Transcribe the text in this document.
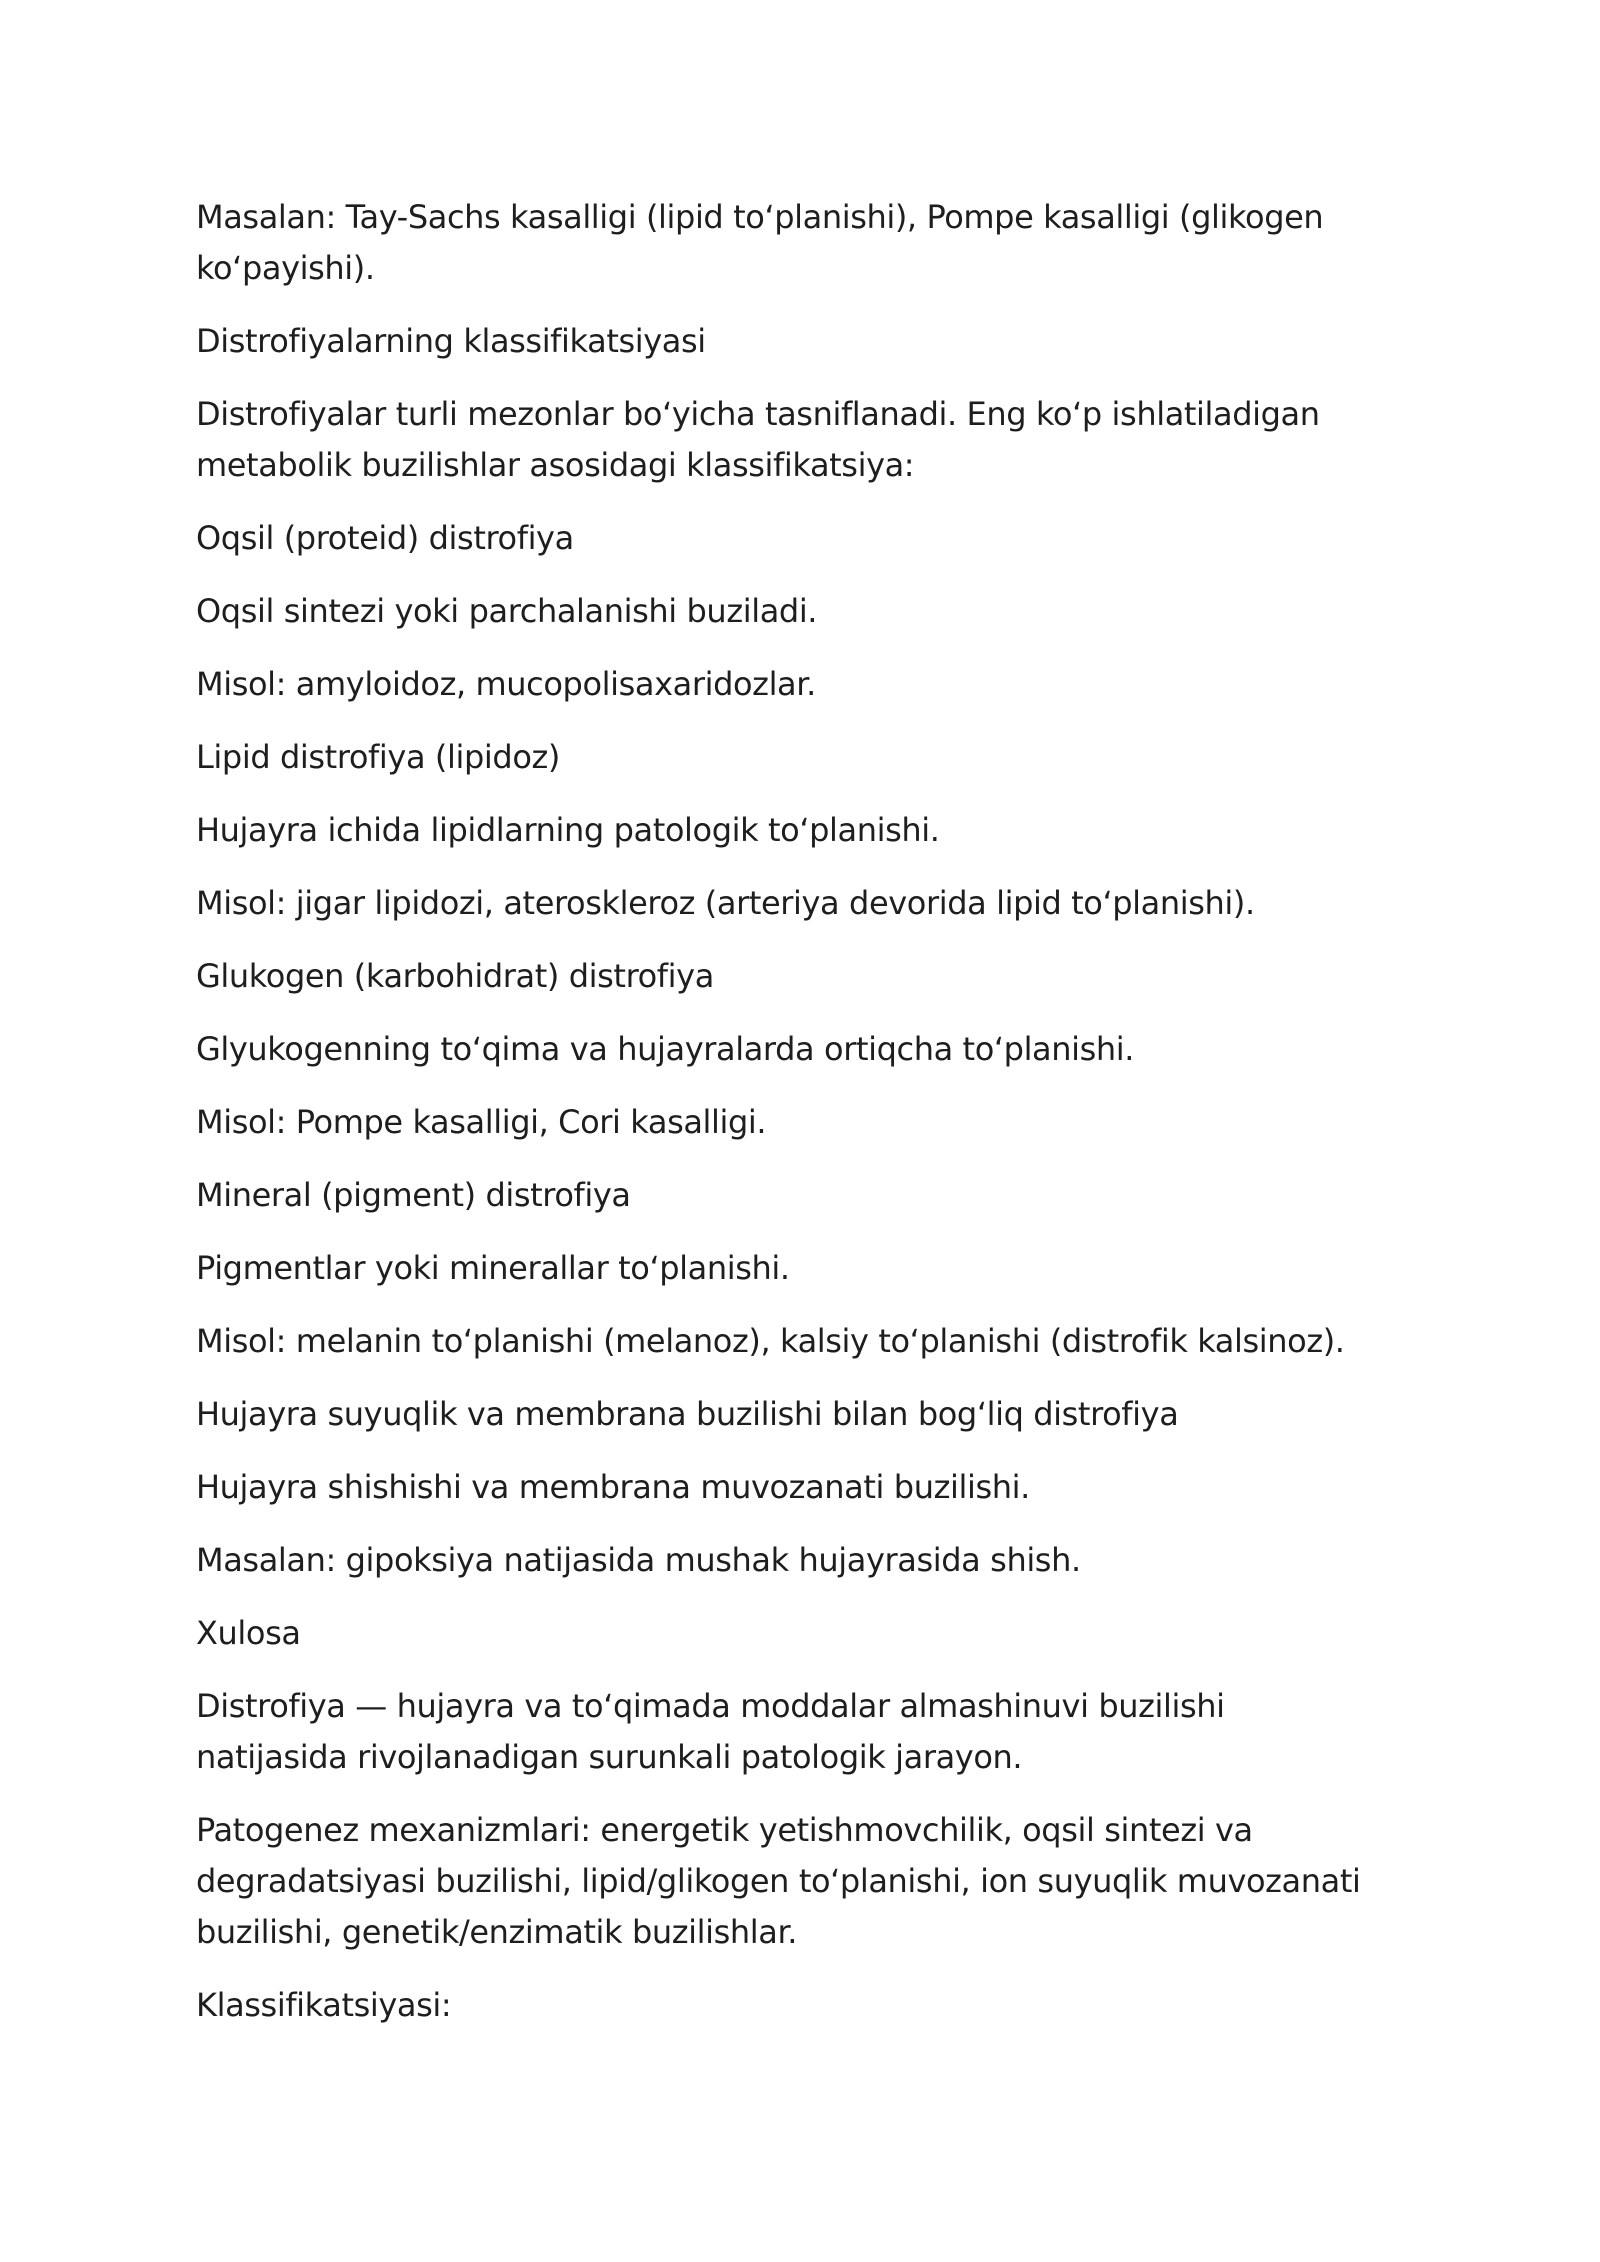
Masalan: Tay-Sachs kasalligi (lipid to‘planishi), Pompe kasalligi (glikogen ko‘payishi).

Distrofiyalarning klassifikatsiyasi

Distrofiyalar turli mezonlar bo‘yicha tasniflanadi. Eng ko‘p ishlatiladigan metabolik buzilishlar asosidagi klassifikatsiya:

Oqsil (proteid) distrofiya

Oqsil sintezi yoki parchalanishi buziladi.

Misol: amyloidoz, mucopolisaxaridozlar.

Lipid distrofiya (lipidoz)

Hujayra ichida lipidlarning patologik to‘planishi.

Misol: jigar lipidozi, ateroskleroz (arteriya devorida lipid to‘planishi).

Glukogen (karbohidrat) distrofiya

Glyukogenning to‘qima va hujayralarda ortiqcha to‘planishi.

Misol: Pompe kasalligi, Cori kasalligi.

Mineral (pigment) distrofiya

Pigmentlar yoki minerallar to‘planishi.

Misol: melanin to‘planishi (melanoz), kalsiy to‘planishi (distrofik kalsinoz).

Hujayra suyuqlik va membrana buzilishi bilan bog‘liq distrofiya

Hujayra shishishi va membrana muvozanati buzilishi.

Masalan: gipoksiya natijasida mushak hujayrasida shish.

Xulosa

Distrofiya — hujayra va to‘qimada moddalar almashinuvi buzilishi natijasida rivojlanadigan surunkali patologik jarayon.

Patogenez mexanizmlari: energetik yetishmovchilik, oqsil sintezi va degradatsiyasi buzilishi, lipid/glikogen to‘planishi, ion suyuqlik muvozanati buzilishi, genetik/enzimatik buzilishlar.

Klassifikatsiyasi:
